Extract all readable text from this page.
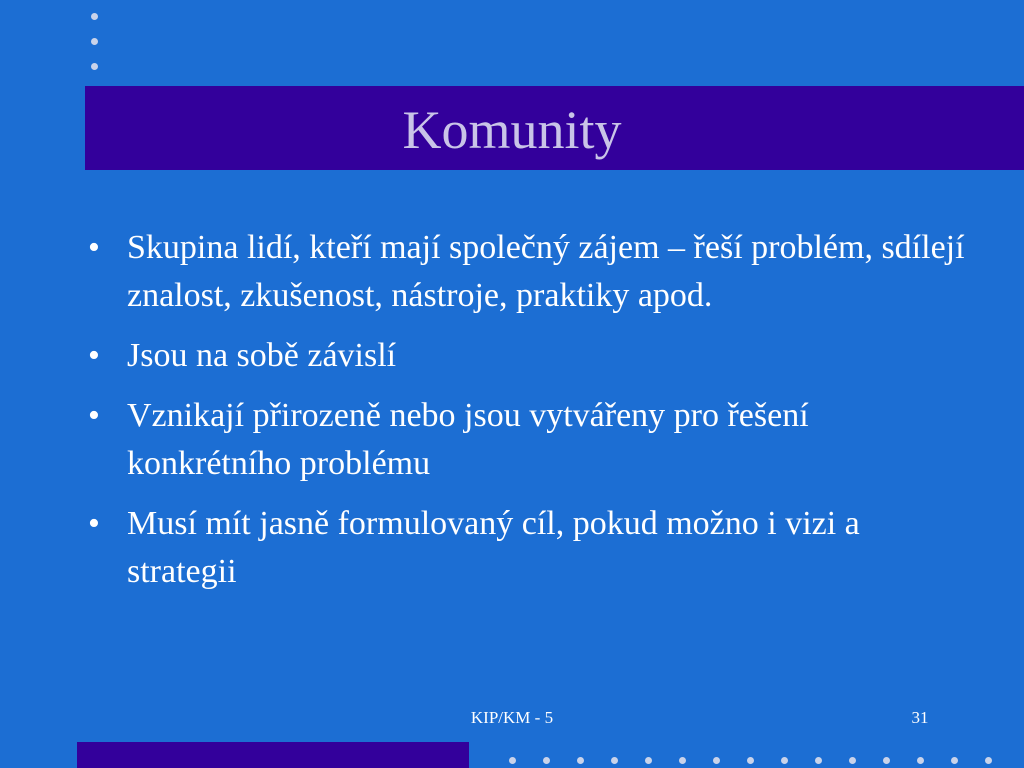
Komunity
• Skupina lidí, kteří mají společný zájem – řeší problém, sdílejí znalost, zkušenost, nástroje, praktiky apod.
• Jsou na sobě závislí
• Vznikají přirozeně nebo jsou vytvářeny pro řešení konkrétního problému
• Musí mít jasně formulovaný cíl, pokud možno i vizi a strategii
KIP/KM - 5	31
